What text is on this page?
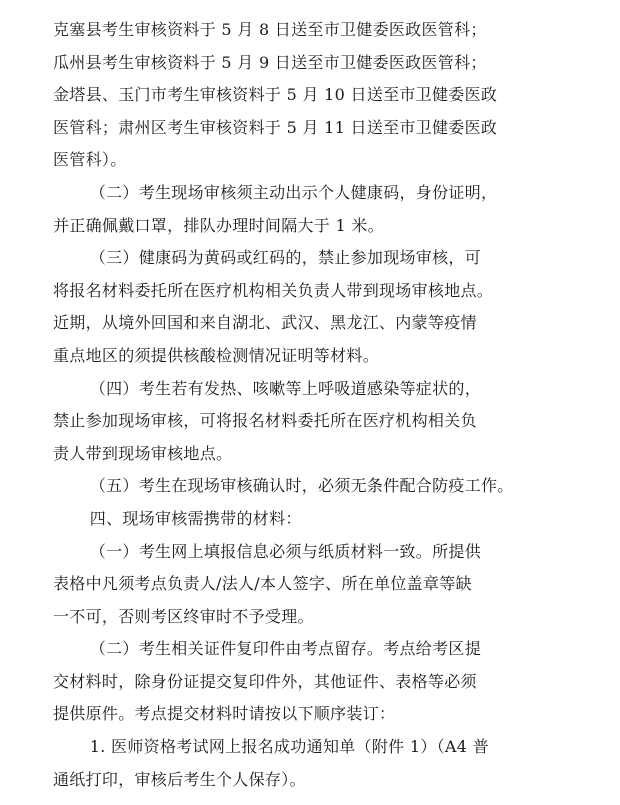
克塞县考生审核资料于 5 月 8 日送至市卫健委医政医管科；
瓜州县考生审核资料于 5 月 9 日送至市卫健委医政医管科；
金塔县、玉门市考生审核资料于 5 月 10 日送至市卫健委医政
医管科；肃州区考生审核资料于 5 月 11 日送至市卫健委医政
医管科）。

（二）考生现场审核须主动出示个人健康码，身份证明，
并正确佩戴口罩，排队办理时间隔大于 1 米。

（三）健康码为黄码或红码的，禁止参加现场审核，可
将报名材料委托所在医疗机构相关负责人带到现场审核地点。
近期，从境外回国和来自湖北、武汉、黑龙江、内蒙等疫情
重点地区的须提供核酸检测情况证明等材料。

（四）考生若有发热、咳嗽等上呼吸道感染等症状的，
禁止参加现场审核，可将报名材料委托所在医疗机构相关负
责人带到现场审核地点。

（五）考生在现场审核确认时，必须无条件配合防疫工作。

四、现场审核需携带的材料：

（一）考生网上填报信息必须与纸质材料一致。所提供
表格中凡须考点负责人/法人/本人签字、所在单位盖章等缺
一不可，否则考区终审时不予受理。

（二）考生相关证件复印件由考点留存。考点给考区提
交材料时，除身份证提交复印件外，其他证件、表格等必须
提供原件。考点提交材料时请按以下顺序装订：

1. 医师资格考试网上报名成功通知单（附件 1）（A4 普
通纸打印，审核后考生个人保存）。
